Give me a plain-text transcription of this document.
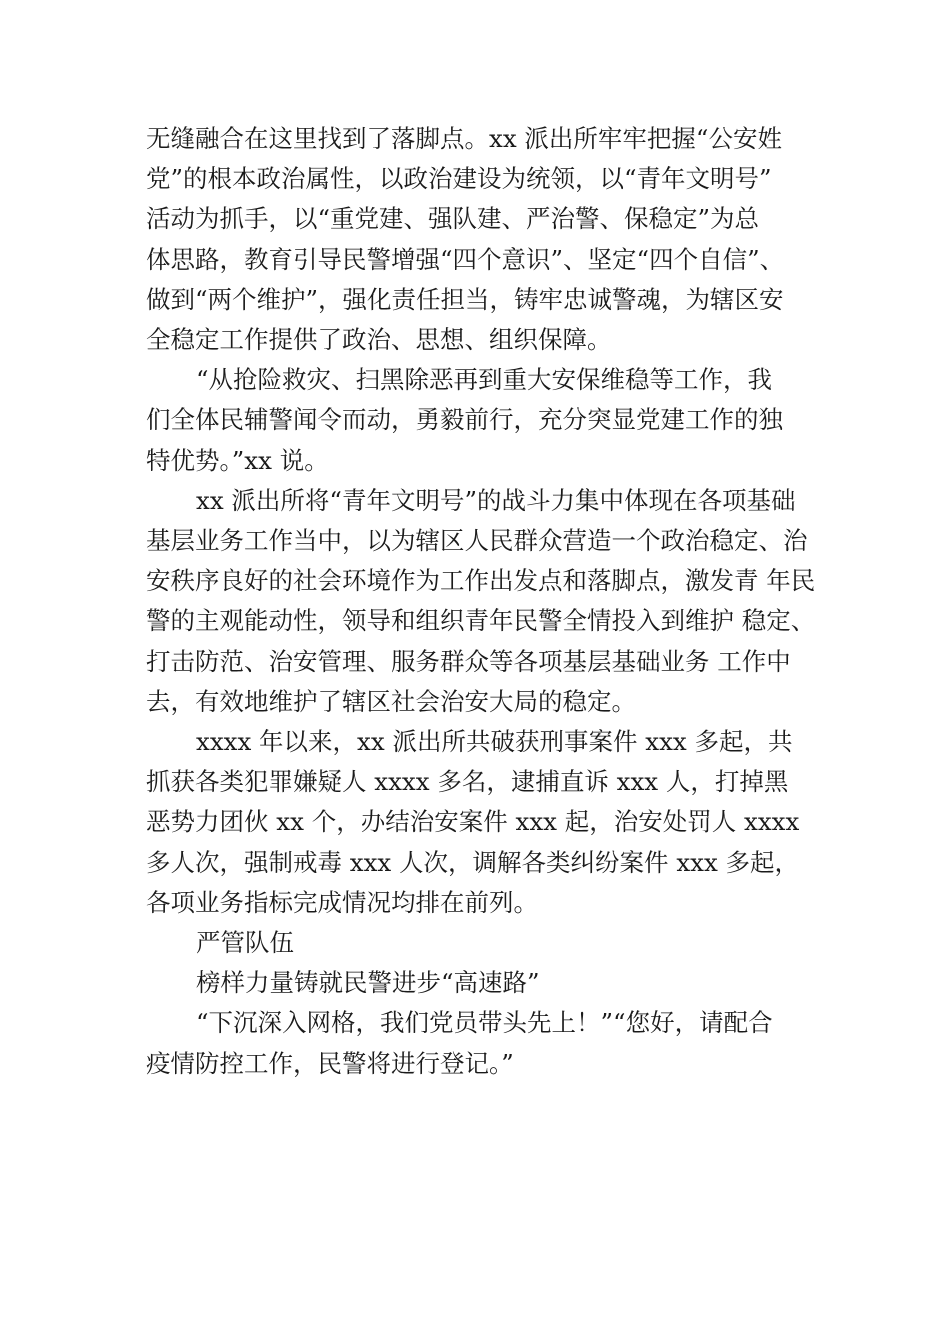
无缝融合在这里找到了落脚点。xx 派出所牢牢把握“公安姓
党”的根本政治属性，以政治建设为统领，以“青年文明号”
活动为抓手，以“重党建、强队建、严治警、保稳定”为总
体思路，教育引导民警增强“四个意识”、坚定“四个自信”、
做到“两个维护”，强化责任担当，铸牢忠诚警魂，为辖区安
全稳定工作提供了政治、思想、组织保障。
“从抢险救灾、扫黑除恶再到重大安保维稳等工作，我
们全体民辅警闻令而动，勇毅前行，充分突显党建工作的独
特优势。”xx 说。
xx 派出所将“青年文明号”的战斗力集中体现在各项基础
基层业务工作当中，以为辖区人民群众营造一个政治稳定、治
安秩序良好的社会环境作为工作出发点和落脚点，激发青 年民
警的主观能动性，领导和组织青年民警全情投入到维护 稳定、
打击防范、治安管理、服务群众等各项基层基础业务 工作中
去，有效地维护了辖区社会治安大局的稳定。
xxxx 年以来，xx 派出所共破获刑事案件 xxx 多起，共
抓获各类犯罪嫌疑人 xxxx 多名，逮捕直诉 xxx 人，打掉黑
恶势力团伙 xx 个，办结治安案件 xxx 起，治安处罚人 xxxx
多人次，强制戒毒 xxx 人次，调解各类纠纷案件 xxx 多起，
各项业务指标完成情况均排在前列。
严管队伍
榜样力量铸就民警进步“高速路”
“下沉深入网格，我们党员带头先上！”“您好，请配合
疫情防控工作，民警将进行登记。”
